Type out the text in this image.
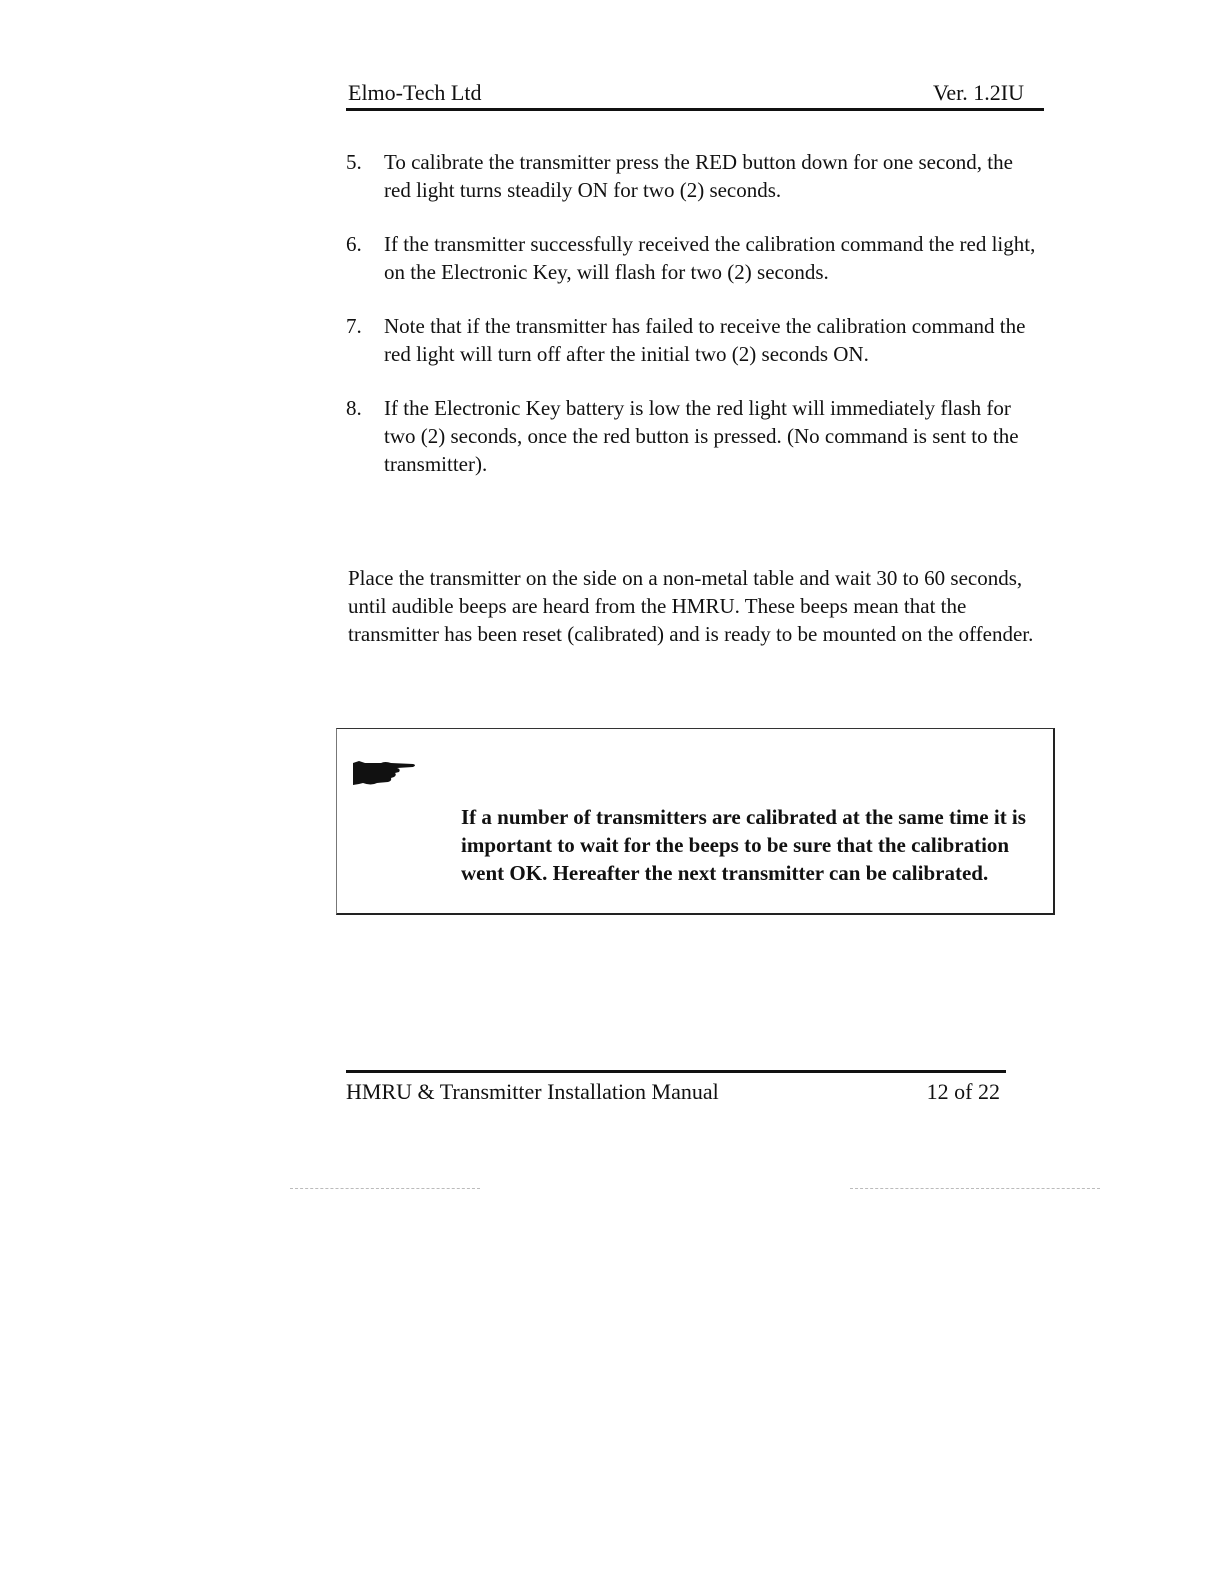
Elmo-Tech Ltd	Ver. 1.2IU
5.	To calibrate the transmitter press the RED button down for one second, the red light turns steadily ON for two (2) seconds.
6.	If the transmitter successfully received the calibration command the red light, on the Electronic Key, will flash for two (2) seconds.
7.	Note that if the transmitter has failed to receive the calibration command the red light will turn off after the initial two (2) seconds ON.
8.	If the Electronic Key battery is low the red light will immediately flash for two (2) seconds, once the red button is pressed. (No command is sent to the transmitter).

Place the transmitter on the side on a non-metal table and wait 30 to 60 seconds, until audible beeps are heard from the HMRU. These beeps mean that the transmitter has been reset (calibrated) and is ready to be mounted on the offender.

If a number of transmitters are calibrated at the same time it is important to wait for the beeps to be sure that the calibration went OK. Hereafter the next transmitter can be calibrated.

HMRU & Transmitter Installation Manual	12 of 22
